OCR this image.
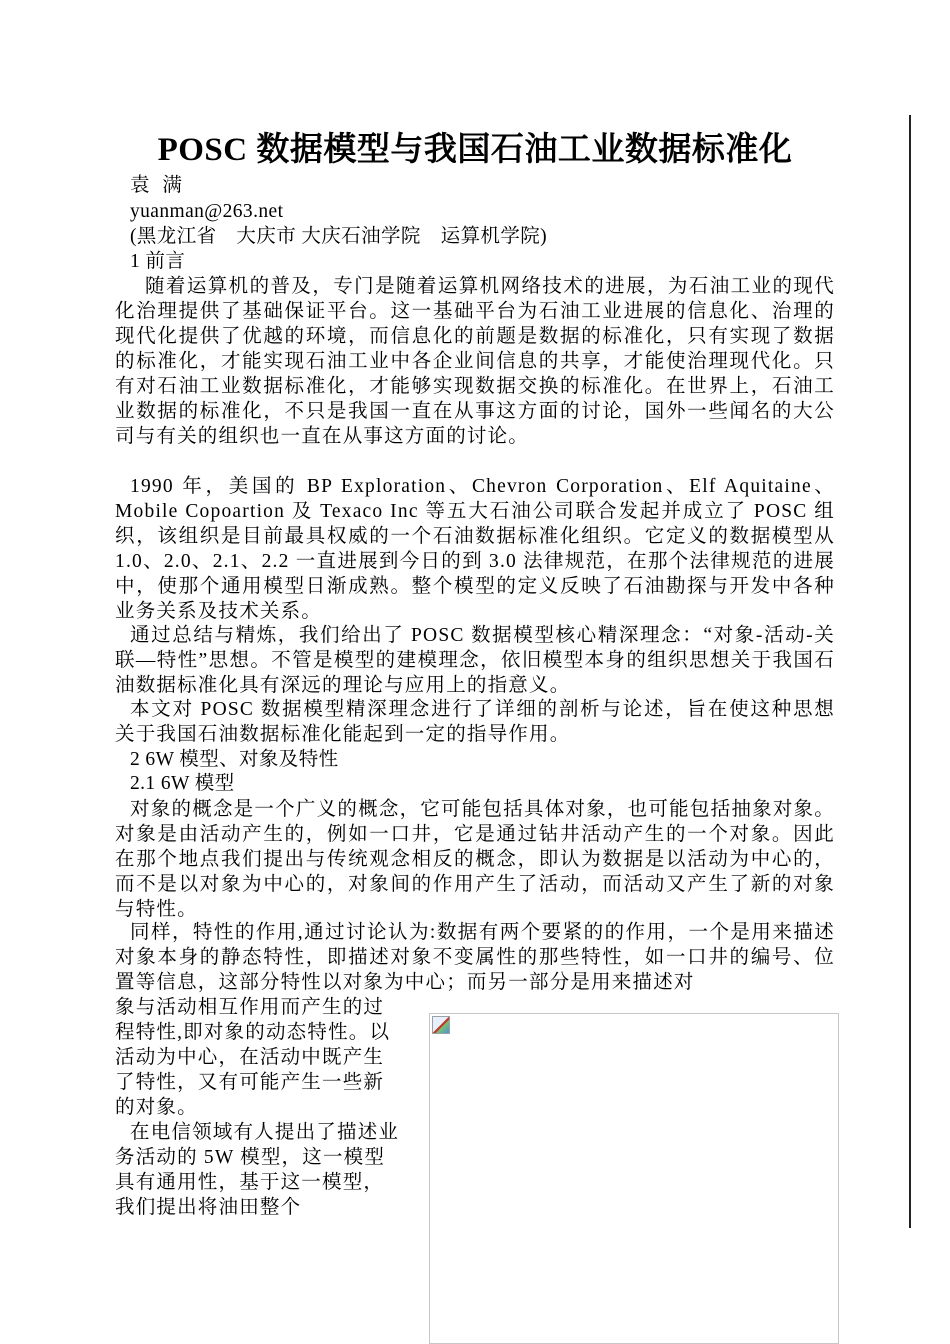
POSC 数据模型与我国石油工业数据标准化
袁 满
yuanman@263.net
(黑龙江省　大庆市 大庆石油学院　运算机学院)
1 前言
随着运算机的普及，专门是随着运算机网络技术的进展，为石油工业的现代化治理提供了基础保证平台。这一基础平台为石油工业进展的信息化、治理的现代化提供了优越的环境，而信息化的前题是数据的标准化，只有实现了数据的标准化，才能实现石油工业中各企业间信息的共享，才能使治理现代化。只有对石油工业数据标准化，才能够实现数据交换的标准化。在世界上，石油工业数据的标准化，不只是我国一直在从事这方面的讨论，国外一些闻名的大公司与有关的组织也一直在从事这方面的讨论。
1990 年，美国的 BP Exploration、Chevron Corporation、Elf Aquitaine、Mobile Copoartion 及 Texaco Inc 等五大石油公司联合发起并成立了 POSC 组织，该组织是目前最具权威的一个石油数据标准化组织。它定义的数据模型从 1.0、2.0、2.1、2.2 一直进展到今日的到 3.0 法律规范，在那个法律规范的进展中，使那个通用模型日渐成熟。整个模型的定义反映了石油勘探与开发中各种业务关系及技术关系。
通过总结与精炼，我们给出了 POSC 数据模型核心精深理念：“对象-活动-关联—特性”思想。不管是模型的建模理念，依旧模型本身的组织思想关于我国石油数据标准化具有深远的理论与应用上的指意义。
本文对 POSC 数据模型精深理念进行了详细的剖析与论述，旨在使这种思想关于我国石油数据标准化能起到一定的指导作用。
2 6W 模型、对象及特性
2.1 6W 模型
对象的概念是一个广义的概念，它可能包括具体对象，也可能包括抽象对象。对象是由活动产生的，例如一口井，它是通过钻井活动产生的一个对象。因此在那个地点我们提出与传统观念相反的概念，即认为数据是以活动为中心的，而不是以对象为中心的，对象间的作用产生了活动，而活动又产生了新的对象与特性。
同样，特性的作用,通过讨论认为:数据有两个要紧的的作用，一个是用来描述对象本身的静态特性，即描述对象不变属性的那些特性，如一口井的编号、位置等信息，这部分特性以对象为中心；而另一部分是用来描述对
象与活动相互作用而产生的过程特性,即对象的动态特性。以活动为中心，在活动中既产生了特性，又有可能产生一些新的对象。
在电信领域有人提出了描述业务活动的 5W 模型，这一模型具有通用性，基于这一模型，我们提出将油田整个
